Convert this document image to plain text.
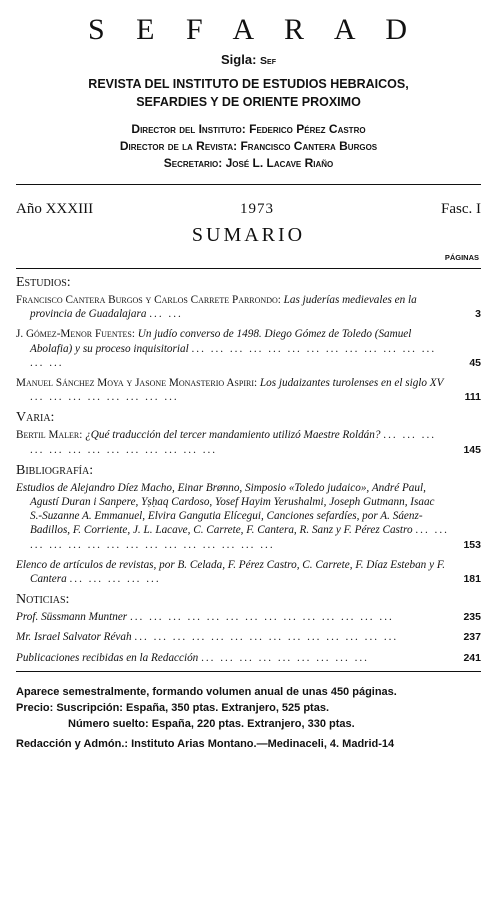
S E F A R A D
Sigla: Sef
REVISTA DEL INSTITUTO DE ESTUDIOS HEBRAICOS,
SEFARDIES Y DE ORIENTE PROXIMO
Director del Instituto: Federico Pérez Castro
Director de la Revista: Francisco Cantera Burgos
Secretario: José L. Lacave Riaño
Año XXXIII	1973	Fasc. I
SUMARIO
PÁGINAS
Estudios:
Francisco Cantera Burgos y Carlos Carrete Parrondo: Las juderías medievales en la provincia de Guadalajara ... ...	3
J. Gómez-Menor Fuentes: Un judío converso de 1498. Diego Gómez de Toledo (Samuel Abolafia) y su proceso inquisitorial ... ... ... ... ... ... ... ... ... ... ... ... ... ... ...	45
Manuel Sánchez Moya y Jasone Monasterio Aspiri: Los judaizantes turolenses en el siglo XV ... ... ... ... ... ... ... ...	111
Varia:
Bertil Maler: ¿Qué traducción del tercer mandamiento utilizó Maestre Roldán? ... ... ... ... ... ... ... ... ... ... ... ... ...	145
Bibliografía:
Estudios de Alejandro Díez Macho, Einar Brønno, Simposio «Toledo judaico», André Paul, Agustí Duran i Sanpere, Yṣḥaq Cardoso, Yosef Hayim Yerushalmi, Joseph Gutmann, Isaac S.-Suzanne A. Emmanuel, Elvira Gangutia Elícegui, Canciones sefardíes, por A. Sáenz-Badillos, F. Corriente, J. L. Lacave, C. Carrete, F. Cantera, R. Sanz y F. Pérez Castro ... ... ... ... ... ... ... ... ... ... ... ... ... ... ...	153
Elenco de artículos de revistas, por B. Celada, F. Pérez Castro, C. Carrete, F. Díaz Esteban y F. Cantera ... ... ... ... ...	181
Noticias:
Prof. Süssmann Muntner ... ... ... ... ... ... ... ... ... ... ... ... ... ...	235
Mr. Israel Salvator Révah ... ... ... ... ... ... ... ... ... ... ... ... ... ...	237
Publicaciones recibidas en la Redacción ... ... ... ... ... ... ... ... ...	241
Aparece semestralmente, formando volumen anual de unas 450 páginas.
Precio: Suscripción: España, 350 ptas. Extranjero, 525 ptas.
Número suelto: España, 220 ptas. Extranjero, 330 ptas.
Redacción y Admón.: Instituto Arias Montano.—Medinaceli, 4. Madrid-14
